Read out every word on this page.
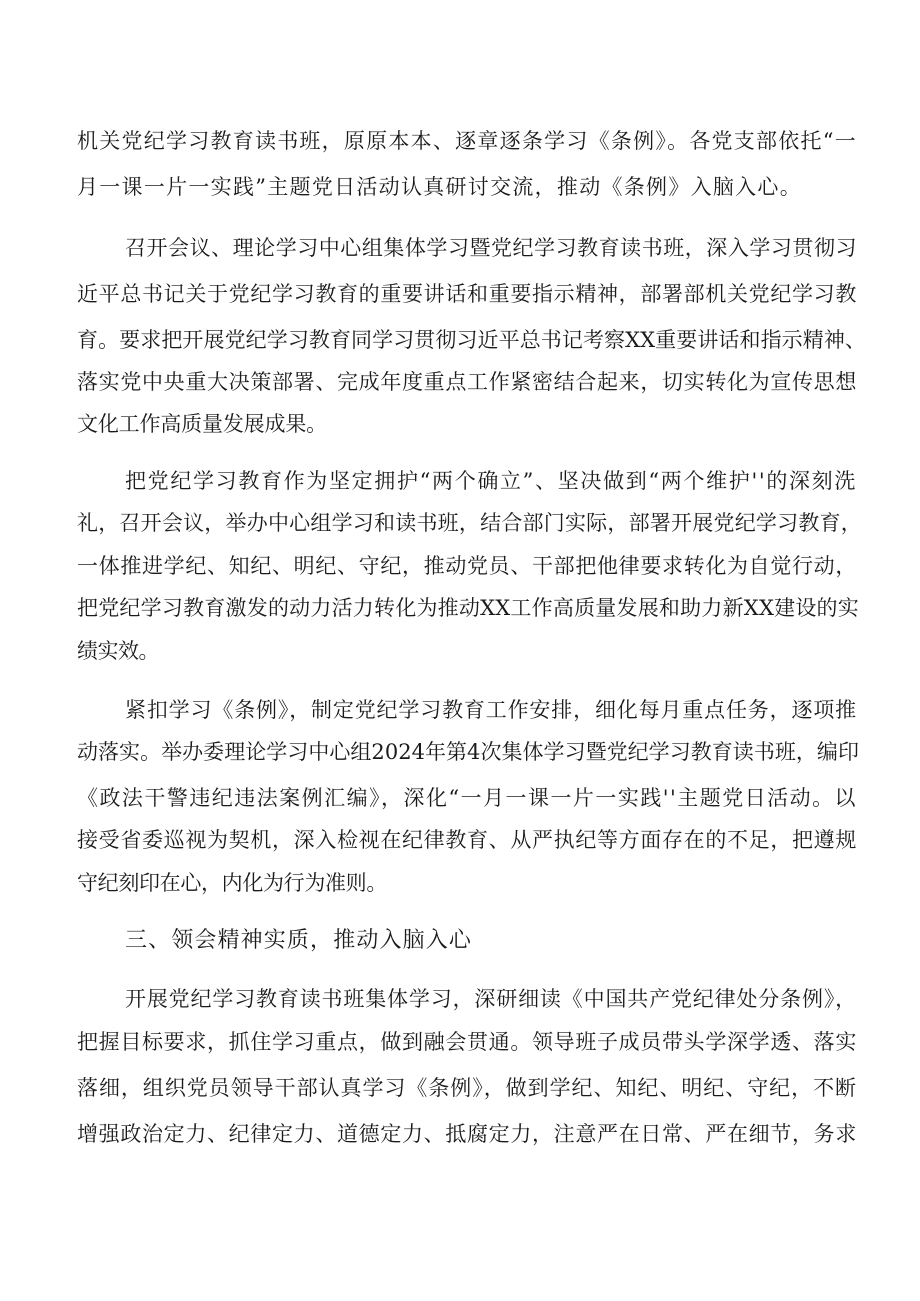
机关党纪学习教育读书班，原原本本、逐章逐条学习《条例》。各党支部依托“一

月一课一片一实践”主题党日活动认真研讨交流，推动《条例》入脑入心。

召开会议、理论学习中心组集体学习暨党纪学习教育读书班，深入学习贯彻习

近平总书记关于党纪学习教育的重要讲话和重要指示精神，部署部机关党纪学习教

育。要求把开展党纪学习教育同学习贯彻习近平总书记考察XX重要讲话和指示精神、

落实党中央重大决策部署、完成年度重点工作紧密结合起来，切实转化为宣传思想

文化工作高质量发展成果。

把党纪学习教育作为坚定拥护“两个确立”、坚决做到“两个维护''的深刻洗

礼，召开会议，举办中心组学习和读书班，结合部门实际，部署开展党纪学习教育，

一体推进学纪、知纪、明纪、守纪，推动党员、干部把他律要求转化为自觉行动，

把党纪学习教育激发的动力活力转化为推动XX工作高质量发展和助力新XX建设的实

绩实效。

紧扣学习《条例》，制定党纪学习教育工作安排，细化每月重点任务，逐项推

动落实。举办委理论学习中心组2024年第4次集体学习暨党纪学习教育读书班，编印

《政法干警违纪违法案例汇编》，深化“一月一课一片一实践''主题党日活动。以

接受省委巡视为契机，深入检视在纪律教育、从严执纪等方面存在的不足，把遵规

守纪刻印在心，内化为行为准则。

三、领会精神实质，推动入脑入心

开展党纪学习教育读书班集体学习，深研细读《中国共产党纪律处分条例》，

把握目标要求，抓住学习重点，做到融会贯通。领导班子成员带头学深学透、落实

落细，组织党员领导干部认真学习《条例》，做到学纪、知纪、明纪、守纪，不断

增强政治定力、纪律定力、道德定力、抵腐定力，注意严在日常、严在细节，务求
